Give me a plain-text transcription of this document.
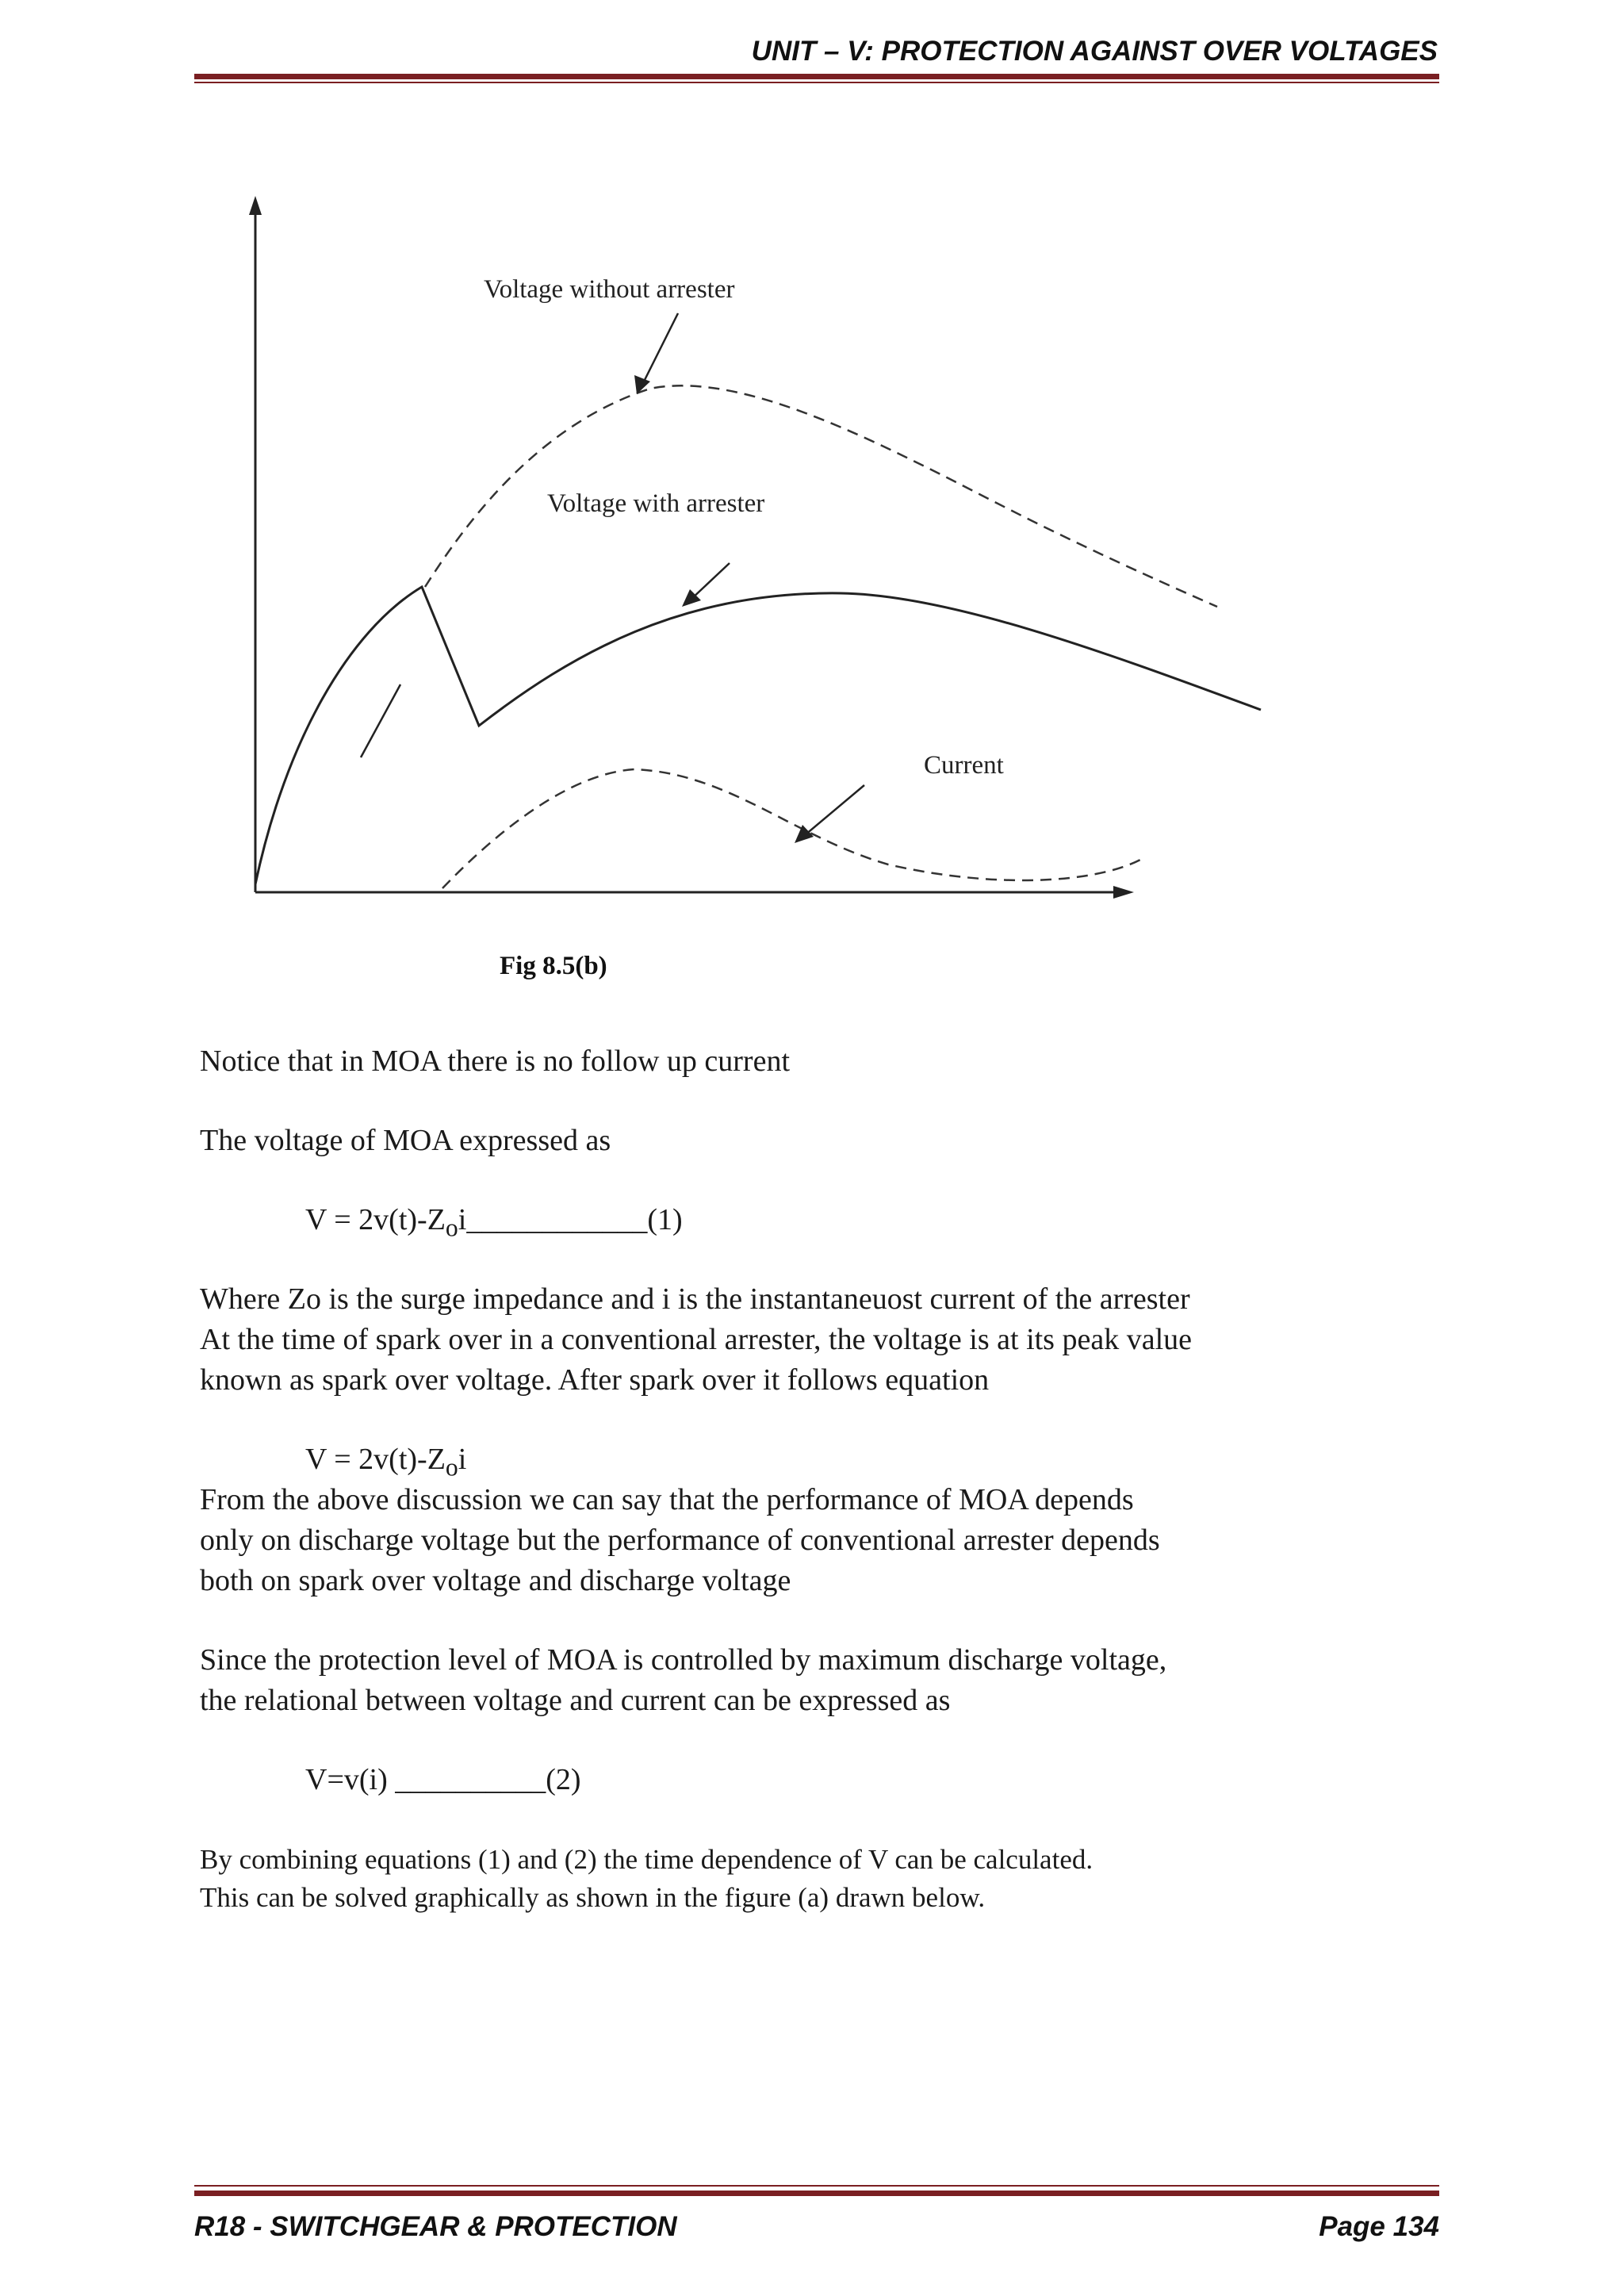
UNIT – V: PROTECTION AGAINST OVER VOLTAGES
Voltage without arrester
Voltage with arrester
Current
Fig 8.5(b)
Notice that in MOA there is no follow up current
The voltage of MOA expressed as
$V = 2v(t)-Z_oi\_\_\_\_\_\_\_\_\_\_\_\_(1)$
Where Zo is the surge impedance and i is the instantaneuost current of the arrester
At the time of spark over in a conventional arrester, the voltage is at its peak value
known as spark over voltage. After spark over it follows equation
$V = 2v(t)-Z_oi$
From the above discussion we can say that the performance of MOA depends
only on discharge voltage but the performance of conventional arrester depends
both on spark over voltage and discharge voltage
Since the protection level of MOA is controlled by maximum discharge voltage,
the relational between voltage and current can be expressed as
V=v(i) __________(2)
By combining equations (1) and (2) the time dependence of V can be calculated.
This can be solved graphically as shown in the figure (a) drawn below.
R18 - SWITCHGEAR & PROTECTION	Page 134
